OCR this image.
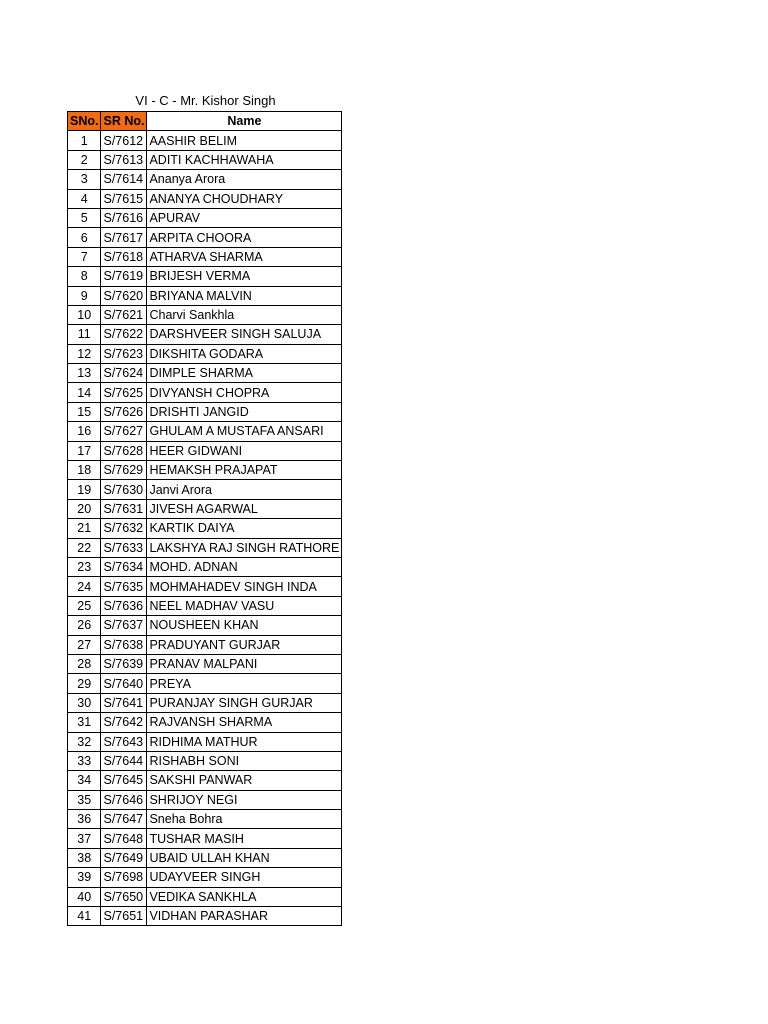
VI - C - Mr. Kishor Singh
SNo.	SR No.	Name
1	S/7612	AASHIR BELIM
2	S/7613	ADITI KACHHAWAHA
3	S/7614	Ananya Arora
4	S/7615	ANANYA CHOUDHARY
5	S/7616	APURAV
6	S/7617	ARPITA CHOORA
7	S/7618	ATHARVA SHARMA
8	S/7619	BRIJESH VERMA
9	S/7620	BRIYANA MALVIN
10	S/7621	Charvi Sankhla
11	S/7622	DARSHVEER SINGH SALUJA
12	S/7623	DIKSHITA GODARA
13	S/7624	DIMPLE SHARMA
14	S/7625	DIVYANSH CHOPRA
15	S/7626	DRISHTI JANGID
16	S/7627	GHULAM A MUSTAFA ANSARI
17	S/7628	HEER GIDWANI
18	S/7629	HEMAKSH PRAJAPAT
19	S/7630	Janvi Arora
20	S/7631	JIVESH AGARWAL
21	S/7632	KARTIK DAIYA
22	S/7633	LAKSHYA RAJ SINGH RATHORE
23	S/7634	MOHD. ADNAN
24	S/7635	MOHMAHADEV SINGH INDA
25	S/7636	NEEL MADHAV VASU
26	S/7637	NOUSHEEN KHAN
27	S/7638	PRADUYANT GURJAR
28	S/7639	PRANAV MALPANI
29	S/7640	PREYA
30	S/7641	PURANJAY SINGH GURJAR
31	S/7642	RAJVANSH SHARMA
32	S/7643	RIDHIMA MATHUR
33	S/7644	RISHABH SONI
34	S/7645	SAKSHI PANWAR
35	S/7646	SHRIJOY NEGI
36	S/7647	Sneha Bohra
37	S/7648	TUSHAR MASIH
38	S/7649	UBAID ULLAH KHAN
39	S/7698	UDAYVEER SINGH
40	S/7650	VEDIKA SANKHLA
41	S/7651	VIDHAN PARASHAR
